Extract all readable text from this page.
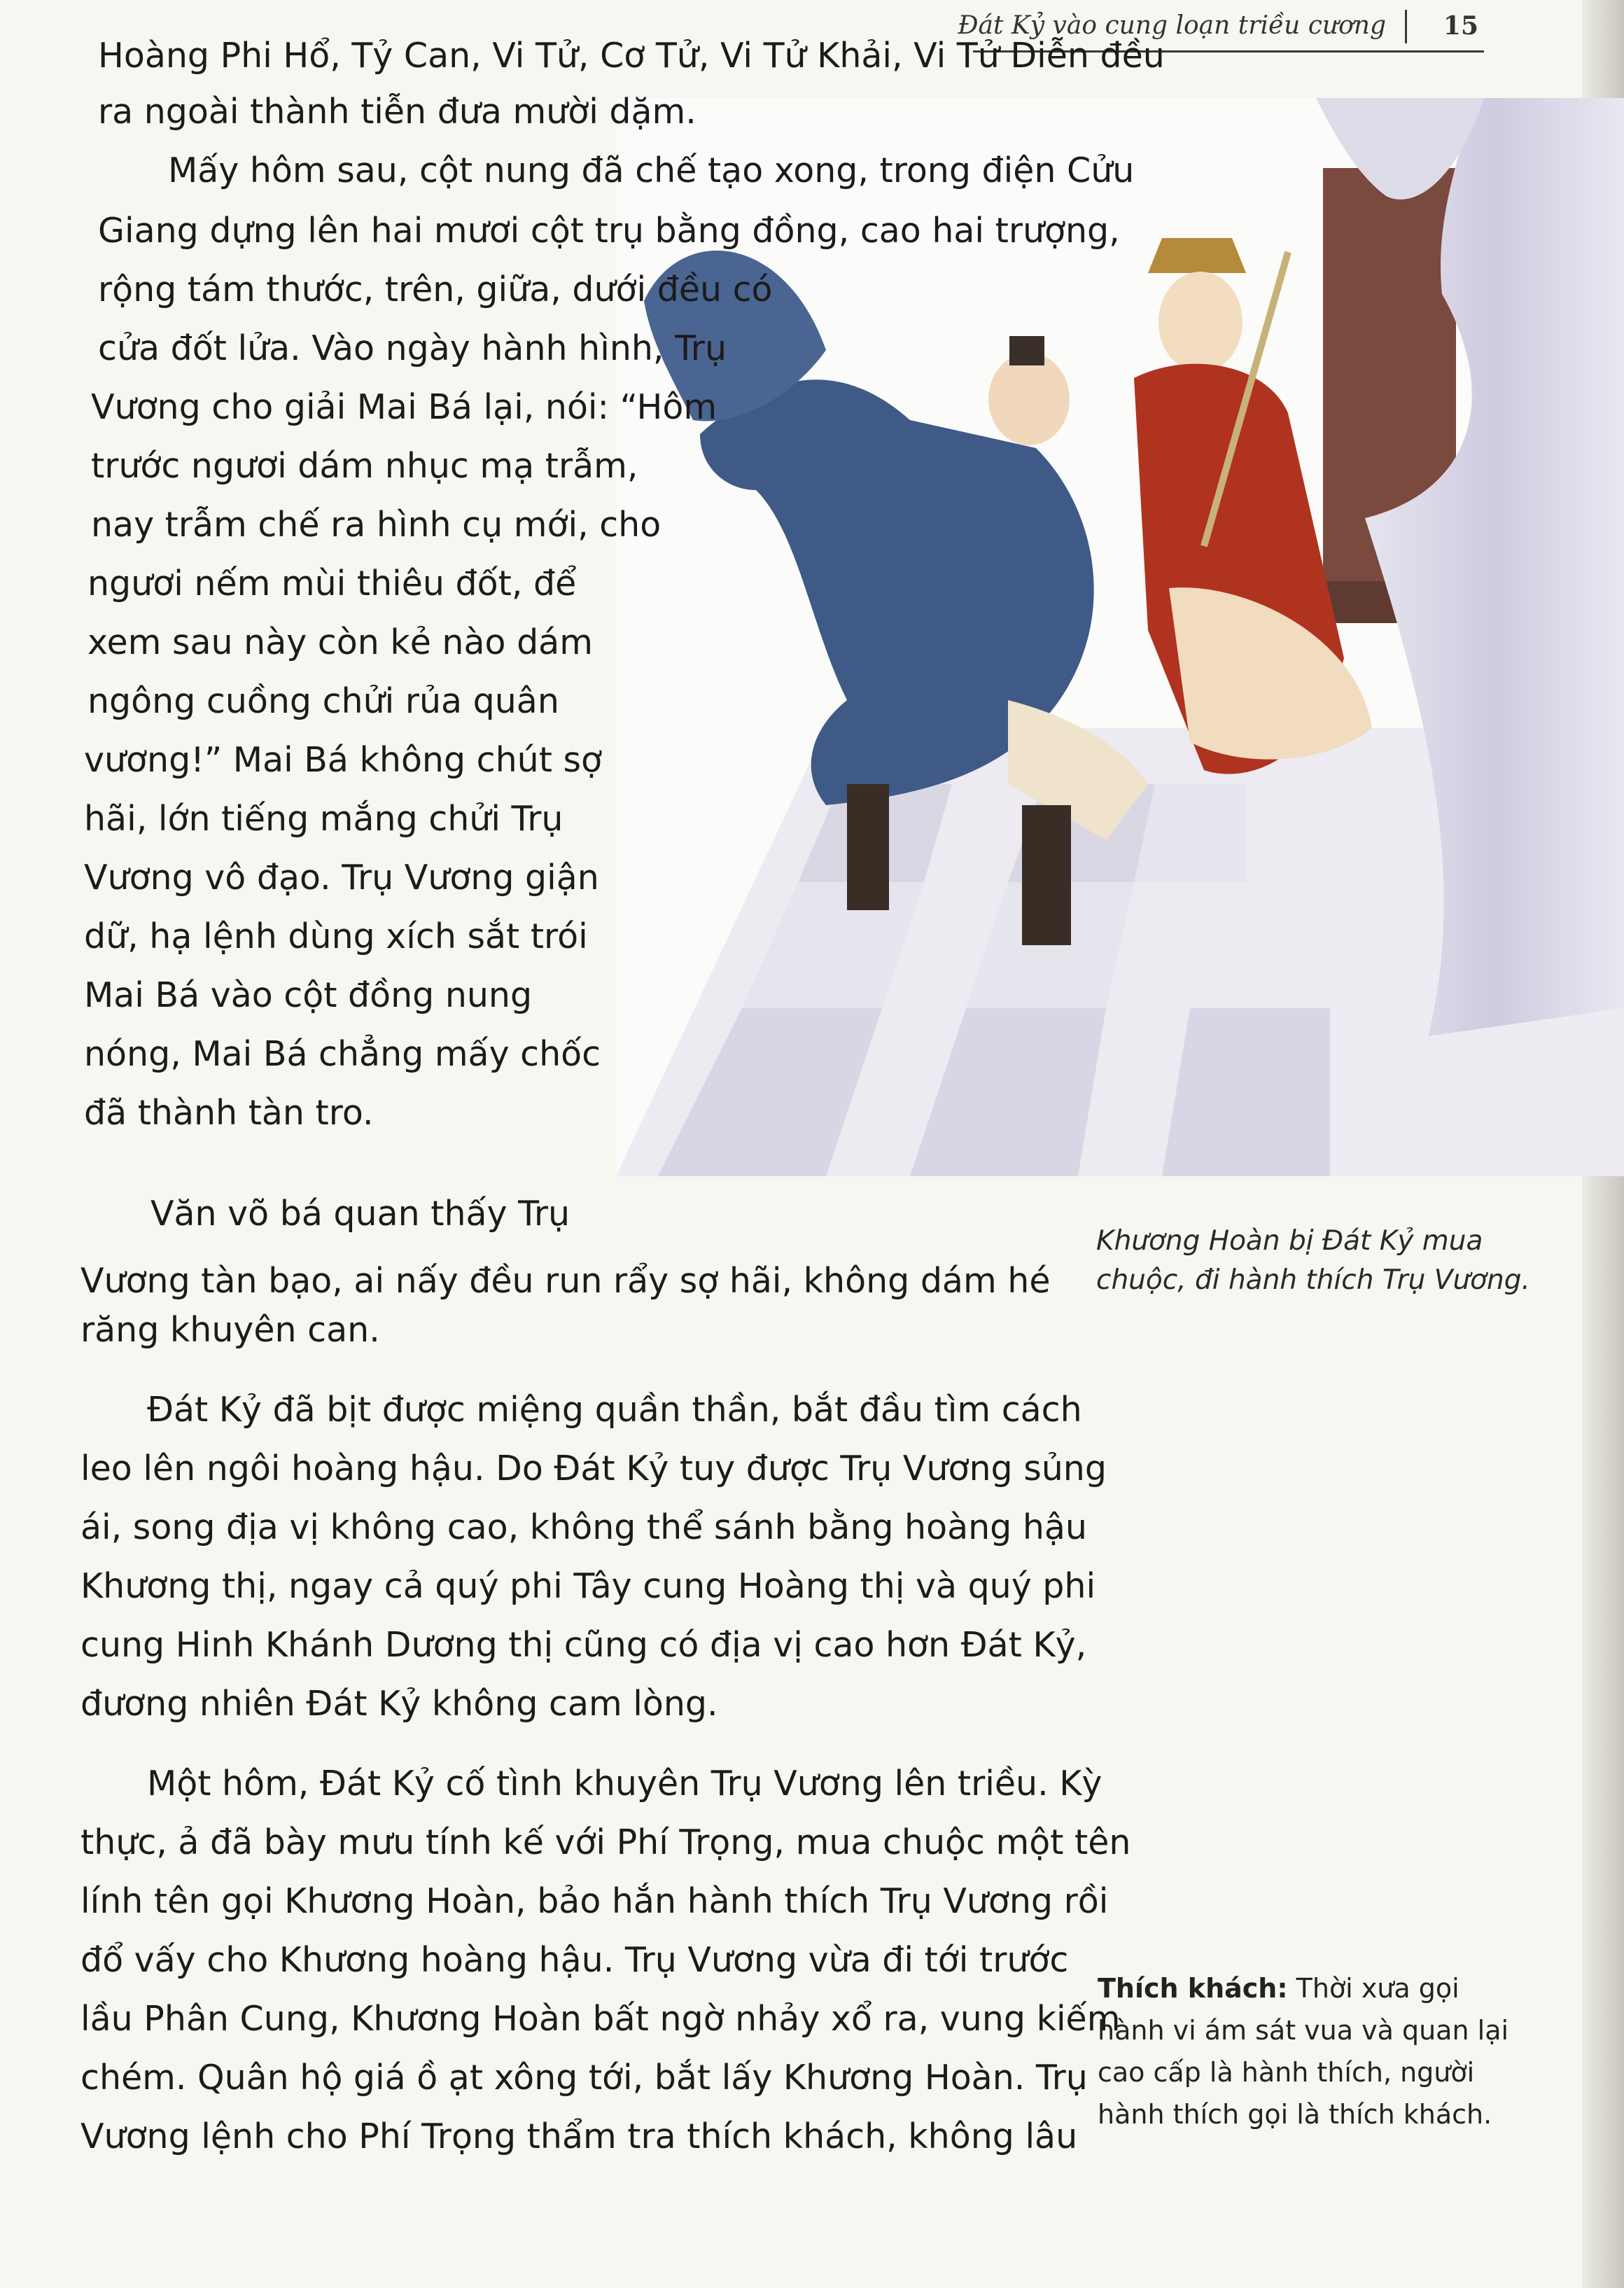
Đát Kỷ vào cung loạn triều cương 15
Hoàng Phi Hổ, Tỷ Can, Vi Tử, Cơ Tử, Vi Tử Khải, Vi Tử Diễn đều
ra ngoài thành tiễn đưa mười dặm.
Mấy hôm sau, cột nung đã chế tạo xong, trong điện Cửu
Giang dựng lên hai mươi cột trụ bằng đồng, cao hai trượng,
rộng tám thước, trên, giữa, dưới đều có
cửa đốt lửa. Vào ngày hành hình, Trụ
Vương cho giải Mai Bá lại, nói: “Hôm
trước ngươi dám nhục mạ trẫm,
nay trẫm chế ra hình cụ mới, cho
ngươi nếm mùi thiêu đốt, để
xem sau này còn kẻ nào dám
ngông cuồng chửi rủa quân
vương!” Mai Bá không chút sợ
hãi, lớn tiếng mắng chửi Trụ
Vương vô đạo. Trụ Vương giận
dữ, hạ lệnh dùng xích sắt trói
Mai Bá vào cột đồng nung
nóng, Mai Bá chẳng mấy chốc
đã thành tàn tro.
Văn võ bá quan thấy Trụ
Vương tàn bạo, ai nấy đều run rẩy sợ hãi, không dám hé
răng khuyên can.
Đát Kỷ đã bịt được miệng quần thần, bắt đầu tìm cách
leo lên ngôi hoàng hậu. Do Đát Kỷ tuy được Trụ Vương sủng
ái, song địa vị không cao, không thể sánh bằng hoàng hậu
Khương thị, ngay cả quý phi Tây cung Hoàng thị và quý phi
cung Hinh Khánh Dương thị cũng có địa vị cao hơn Đát Kỷ,
đương nhiên Đát Kỷ không cam lòng.
Một hôm, Đát Kỷ cố tình khuyên Trụ Vương lên triều. Kỳ
thực, ả đã bày mưu tính kế với Phí Trọng, mua chuộc một tên
lính tên gọi Khương Hoàn, bảo hắn hành thích Trụ Vương rồi
đổ vấy cho Khương hoàng hậu. Trụ Vương vừa đi tới trước
lầu Phân Cung, Khương Hoàn bất ngờ nhảy xổ ra, vung kiếm
chém. Quân hộ giá ồ ạt xông tới, bắt lấy Khương Hoàn. Trụ
Vương lệnh cho Phí Trọng thẩm tra thích khách, không lâu
Khương Hoàn bị Đát Kỷ mua
chuộc, đi hành thích Trụ Vương.
Thích khách: Thời xưa gọi
hành vi ám sát vua và quan lại
cao cấp là hành thích, người
hành thích gọi là thích khách.
